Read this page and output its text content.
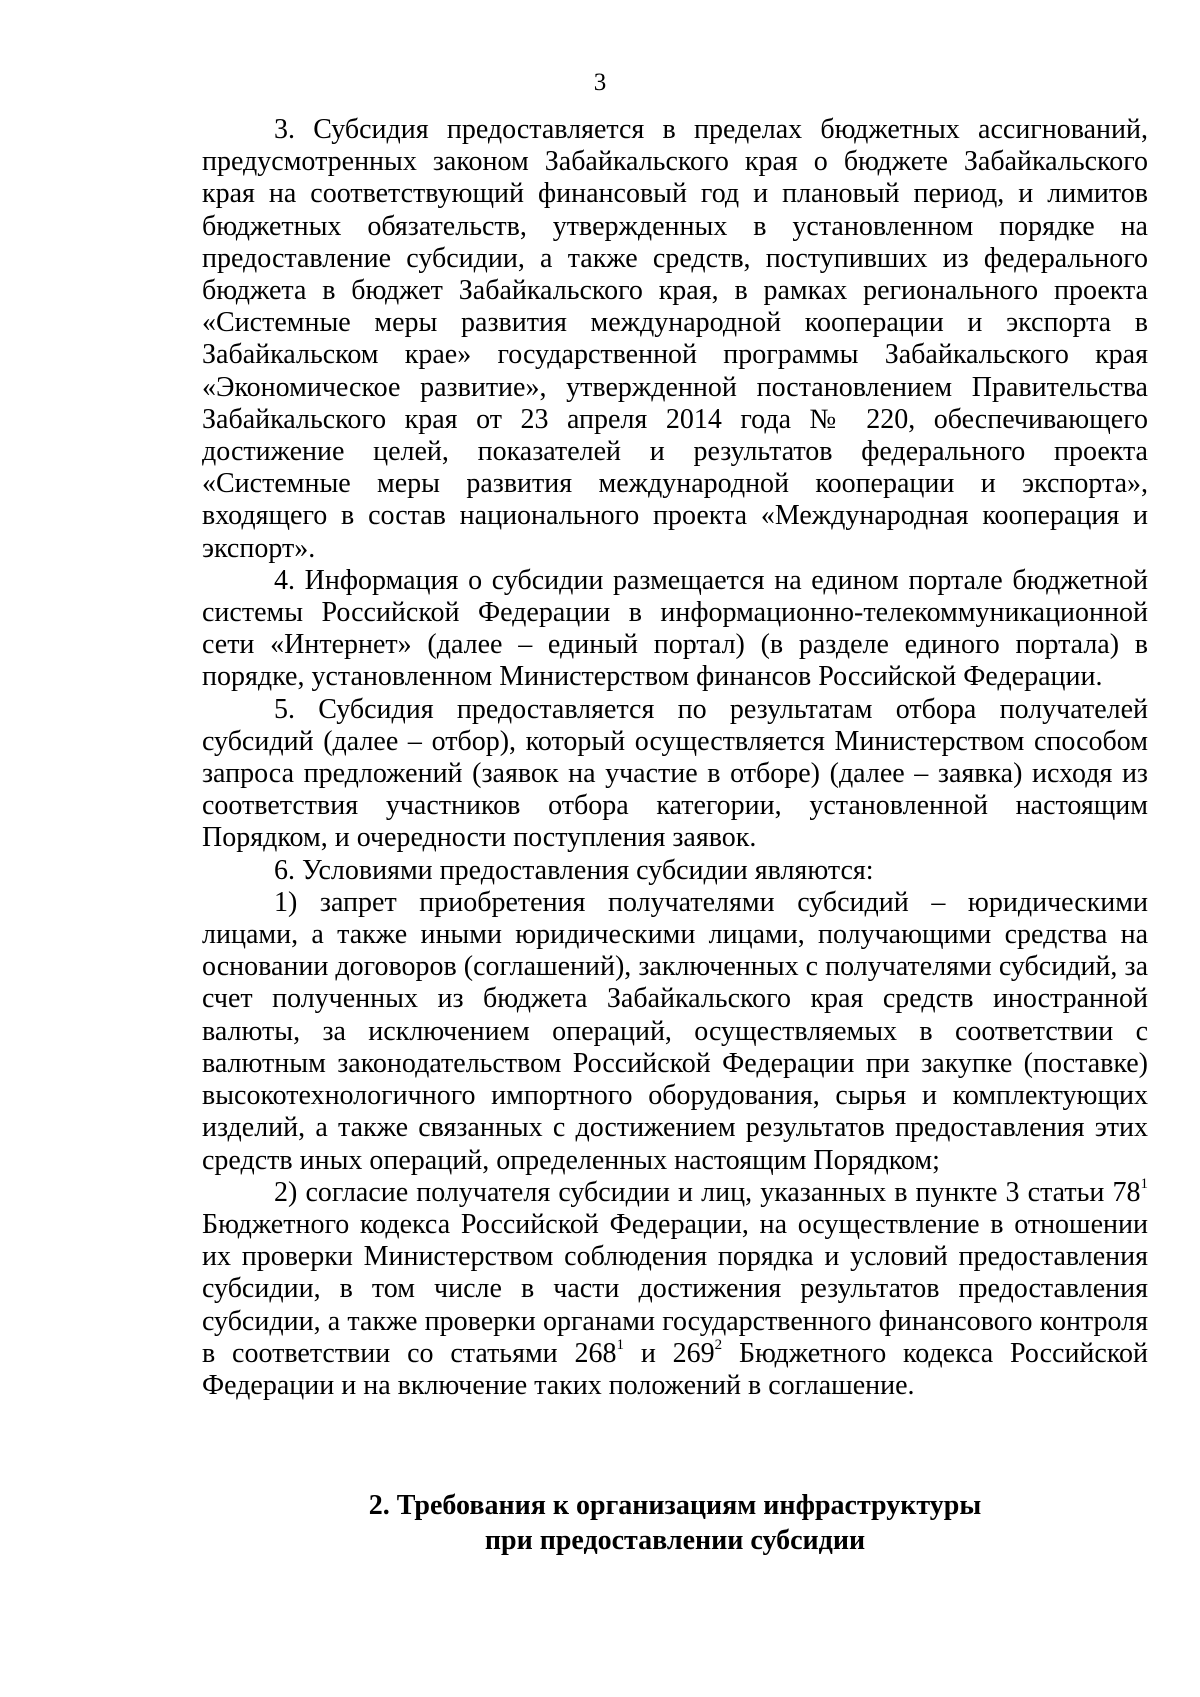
3

3. Субсидия предоставляется в пределах бюджетных ассигнований, предусмотренных законом Забайкальского края о бюджете Забайкальского края на соответствующий финансовый год и плановый период, и лимитов бюджетных обязательств, утвержденных в установленном порядке на предоставление субсидии, а также средств, поступивших из федерального бюджета в бюджет Забайкальского края, в рамках регионального проекта «Системные меры развития международной кооперации и экспорта в Забайкальском крае» государственной программы Забайкальского края «Экономическое развитие», утвержденной постановлением Правительства Забайкальского края от 23 апреля 2014 года № 220, обеспечивающего достижение целей, показателей и результатов федерального проекта «Системные меры развития международной кооперации и экспорта», входящего в состав национального проекта «Международная кооперация и экспорт».

4. Информация о субсидии размещается на едином портале бюджетной системы Российской Федерации в информационно-телекоммуникационной сети «Интернет» (далее – единый портал) (в разделе единого портала) в порядке, установленном Министерством финансов Российской Федерации.

5. Субсидия предоставляется по результатам отбора получателей субсидий (далее – отбор), который осуществляется Министерством способом запроса предложений (заявок на участие в отборе) (далее – заявка) исходя из соответствия участников отбора категории, установленной настоящим Порядком, и очередности поступления заявок.

6. Условиями предоставления субсидии являются:

1) запрет приобретения получателями субсидий – юридическими лицами, а также иными юридическими лицами, получающими средства на основании договоров (соглашений), заключенных с получателями субсидий, за счет полученных из бюджета Забайкальского края средств иностранной валюты, за исключением операций, осуществляемых в соответствии с валютным законодательством Российской Федерации при закупке (поставке) высокотехнологичного импортного оборудования, сырья и комплектующих изделий, а также связанных с достижением результатов предоставления этих средств иных операций, определенных настоящим Порядком;

2) согласие получателя субсидии и лиц, указанных в пункте 3 статьи $78^1$ Бюджетного кодекса Российской Федерации, на осуществление в отношении их проверки Министерством соблюдения порядка и условий предоставления субсидии, в том числе в части достижения результатов предоставления субсидии, а также проверки органами государственного финансового контроля в соответствии со статьями $268^1$ и $269^2$ Бюджетного кодекса Российской Федерации и на включение таких положений в соглашение.

2. Требования к организациям инфраструктуры
при предоставлении субсидии
